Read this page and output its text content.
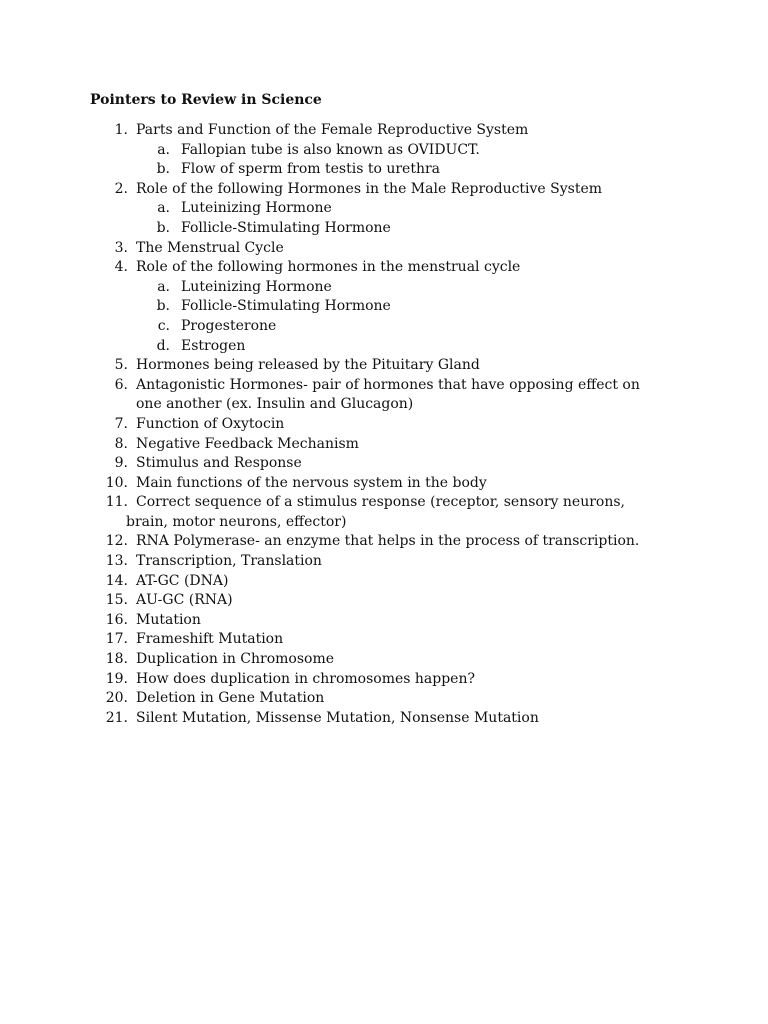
Pointers to Review in Science
1. Parts and Function of the Female Reproductive System
a. Fallopian tube is also known as OVIDUCT.
b. Flow of sperm from testis to urethra
2. Role of the following Hormones in the Male Reproductive System
a. Luteinizing Hormone
b. Follicle-Stimulating Hormone
3. The Menstrual Cycle
4. Role of the following hormones in the menstrual cycle
a. Luteinizing Hormone
b. Follicle-Stimulating Hormone
c. Progesterone
d. Estrogen
5. Hormones being released by the Pituitary Gland
6. Antagonistic Hormones- pair of hormones that have opposing effect on
one another (ex. Insulin and Glucagon)
7. Function of Oxytocin
8. Negative Feedback Mechanism
9. Stimulus and Response
10. Main functions of the nervous system in the body
11. Correct sequence of a stimulus response (receptor, sensory neurons,
brain, motor neurons, effector)
12. RNA Polymerase- an enzyme that helps in the process of transcription.
13. Transcription, Translation
14. AT-GC (DNA)
15. AU-GC (RNA)
16. Mutation
17. Frameshift Mutation
18. Duplication in Chromosome
19. How does duplication in chromosomes happen?
20. Deletion in Gene Mutation
21. Silent Mutation, Missense Mutation, Nonsense Mutation
